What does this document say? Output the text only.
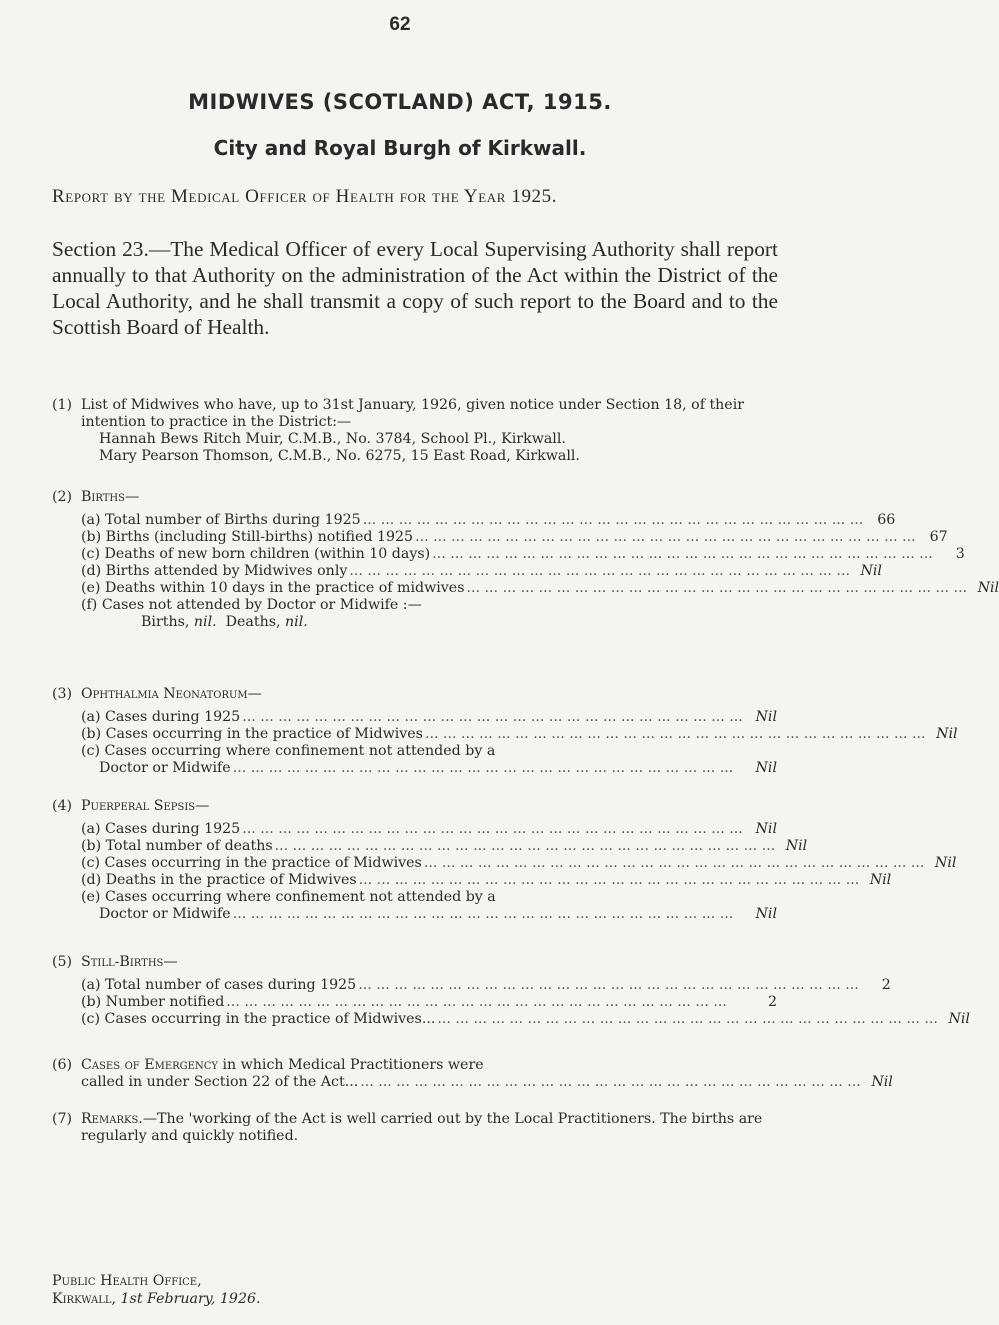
62
MIDWIVES (SCOTLAND) ACT, 1915.
City and Royal Burgh of Kirkwall.
Report by the Medical Officer of Health for the Year 1925.
Section 23.—The Medical Officer of every Local Supervising Authority shall report annually to that Authority on the administration of the Act within the District of the Local Authority, and he shall transmit a copy of such report to the Board and to the Scottish Board of Health.
(1) List of Midwives who have, up to 31st January, 1926, given notice under Section 18, of their intention to practice in the District:—
Hannah Bews Ritch Muir, C.M.B., No. 3784, School Pl., Kirkwall.
Mary Pearson Thomson, C.M.B., No. 6275, 15 East Road, Kirkwall.
(2) Births—
(a) Total number of Births during 1925 ... ... ... ... ... ... ... ... ... ... ... ... ... ... ... ... ... ... ... ... ... ... ... ... ... ... ... ... 66
(b) Births (including Still-births) notified 1925 ... ... ... ... ... ... ... ... ... ... ... ... ... ... ... ... ... ... ... ... ... ... ... ... ... ... ... ... 67
(c) Deaths of new born children (within 10 days) ... ... ... ... ... ... ... ... ... ... ... ... ... ... ... ... ... ... ... ... ... ... ... ... ... ... ... ...	3
(d) Births attended by Midwives only ... ... ... ... ... ... ... ... ... ... ... ... ... ... ... ... ... ... ... ... ... ... ... ... ... ... ... ... Nil
(e) Deaths within 10 days in the practice of midwives ... ... ... ... ... ... ... ... ... ... ... ... ... ... ... ... ... ... ... ... ... ... ... ... ... ... ... ... Nil
(f) Cases not attended by Doctor or Midwife :—
Births, nil. Deaths, nil.
(3) Ophthalmia Neonatorum—
(a) Cases during 1925 ... ... ... ... ... ... ... ... ... ... ... ... ... ... ... ... ... ... ... ... ... ... ... ... ... ... ... ... Nil
(b) Cases occurring in the practice of Midwives ... ... ... ... ... ... ... ... ... ... ... ... ... ... ... ... ... ... ... ... ... ... ... ... ... ... ... ... Nil
(c) Cases occurring where confinement not attended by a
Doctor or Midwife ... ... ... ... ... ... ... ... ... ... ... ... ... ... ... ... ... ... ... ... ... ... ... ... ... ... ... ...	Nil
(4) Puerperal Sepsis—
(a) Cases during 1925 ... ... ... ... ... ... ... ... ... ... ... ... ... ... ... ... ... ... ... ... ... ... ... ... ... ... ... ... Nil
(b) Total number of deaths ... ... ... ... ... ... ... ... ... ... ... ... ... ... ... ... ... ... ... ... ... ... ... ... ... ... ... ... Nil
(c) Cases occurring in the practice of Midwives ... ... ... ... ... ... ... ... ... ... ... ... ... ... ... ... ... ... ... ... ... ... ... ... ... ... ... ... Nil
(d) Deaths in the practice of Midwives ... ... ... ... ... ... ... ... ... ... ... ... ... ... ... ... ... ... ... ... ... ... ... ... ... ... ... ... Nil
(e) Cases occurring where confinement not attended by a
Doctor or Midwife ... ... ... ... ... ... ... ... ... ... ... ... ... ... ... ... ... ... ... ... ... ... ... ... ... ... ... ...	Nil
(5) Still-Births—
(a) Total number of cases during 1925 ... ... ... ... ... ... ... ... ... ... ... ... ... ... ... ... ... ... ... ... ... ... ... ... ... ... ... ...	2
(b) Number notified ... ... ... ... ... ... ... ... ... ... ... ... ... ... ... ... ... ... ... ... ... ... ... ... ... ... ... ...	2
(c) Cases occurring in the practice of Midwives... ... ... ... ... ... ... ... ... ... ... ... ... ... ... ... ... ... ... ... ... ... ... ... ... ... ... ... ... Nil
(6) Cases of Emergency in which Medical Practitioners were
called in under Section 22 of the Act... ... ... ... ... ... ... ... ... ... ... ... ... ... ... ... ... ... ... ... ... ... ... ... ... ... ... ... ... Nil
(7) Remarks.—The 'working of the Act is well carried out by the Local Practitioners. The births are regularly and quickly notified.
Public Health Office,
Kirkwall, 1st February, 1926.
